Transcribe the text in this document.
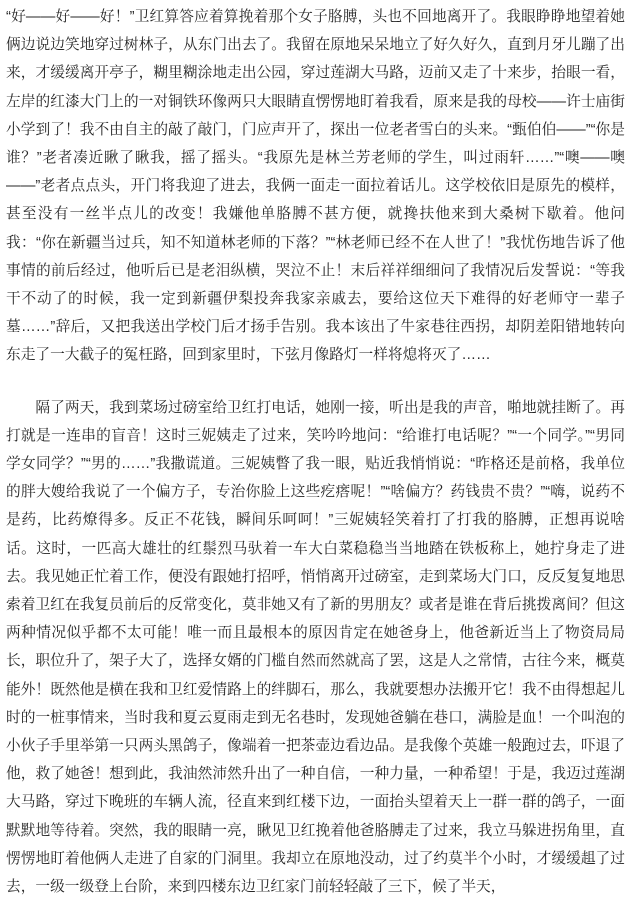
“好——好——好！”卫红算答应着算挽着那个女子胳膊，头也不回地离开了。我眼睁睁地望着她俩边说边笑地穿过树林子，从东门出去了。我留在原地呆呆地立了好久好久，直到月牙儿蹦了出来，才缓缓离开亭子，糊里糊涂地走出公园，穿过莲湖大马路，迈前又走了十来步，抬眼一看，左岸的红漆大门上的一对铜铁环像两只大眼睛直愣愣地盯着我看，原来是我的母校——许士庙街小学到了！我不由自主的敲了敲门，门应声开了，探出一位老者雪白的头来。“甄伯伯——”“你是谁？”老者凑近瞅了瞅我，摇了摇头。“我原先是林兰芳老师的学生，叫过雨轩……”“噢——噢——”老者点点头，开门将我迎了进去，我俩一面走一面拉着话儿。这学校依旧是原先的模样，甚至没有一丝半点儿的改变！我嫌他单胳膊不甚方便，就搀扶他来到大桑树下歇着。他问我：“你在新疆当过兵，知不知道林老师的下落？”“林老师已经不在人世了！”我忧伤地告诉了他事情的前后经过，他听后已是老泪纵横，哭泣不止！末后祥祥细细问了我情况后发誓说：“等我干不动了的时候，我一定到新疆伊梨投奔我家亲戚去，要给这位天下难得的好老师守一辈子墓……”辞后，又把我送出学校门后才扬手告别。我本该出了牛家巷往西拐，却阴差阳错地转向东走了一大截子的冤枉路，回到家里时，下弦月像路灯一样将熄将灭了……

隔了两天，我到菜场过磅室给卫红打电话，她刚一接，听出是我的声音，啪地就挂断了。再打就是一连串的盲音！这时三妮姨走了过来，笑吟吟地问：“给谁打电话呢？”“一个同学。”“男同学女同学？”“男的……”我撒谎道。三妮姨瞥了我一眼，贴近我悄悄说：“昨格还是前格，我单位的胖大嫂给我说了一个偏方子，专治你脸上这些疙瘩呢！”“啥偏方？药钱贵不贵？”“嗨，说药不是药，比药燎得多。反正不花钱，瞬间乐呵呵！”三妮姨轻笑着打了打我的胳膊，正想再说啥话。这时，一匹高大雄壮的红鬃烈马驮着一车大白菜稳稳当当地踏在铁板称上，她拧身走了进去。我见她正忙着工作，便没有跟她打招呼，悄悄离开过磅室，走到菜场大门口，反反复复地思索着卫红在我复员前后的反常变化，莫非她又有了新的男朋友？或者是谁在背后挑拨离间？但这两种情况似乎都不太可能！唯一而且最根本的原因肯定在她爸身上，他爸新近当上了物资局局长，职位升了，架子大了，选择女婿的门槛自然而然就高了罢，这是人之常情，古往今来，概莫能外！既然他是横在我和卫红爱情路上的绊脚石，那么，我就要想办法搬开它！我不由得想起儿时的一桩事情来，当时我和夏云夏雨走到无名巷时，发现她爸躺在巷口，满脸是血！一个叫泡的小伙子手里举第一只两头黑鸽子，像端着一把茶壶边看边品。是我像个英雄一般跑过去，吓退了他，救了她爸！想到此，我油然沛然升出了一种自信，一种力量，一种希望！于是，我迈过莲湖大马路，穿过下晚班的车辆人流，径直来到红楼下边，一面抬头望着天上一群一群的鸽子，一面默默地等待着。突然，我的眼睛一亮，瞅见卫红挽着他爸胳膊走了过来，我立马躲进拐角里，直愣愣地盯着他俩人走进了自家的门洞里。我却立在原地没动，过了约莫半个小时，才缓缓趄了过去，一级一级登上台阶，来到四楼东边卫红家门前轻轻敲了三下，候了半天，
